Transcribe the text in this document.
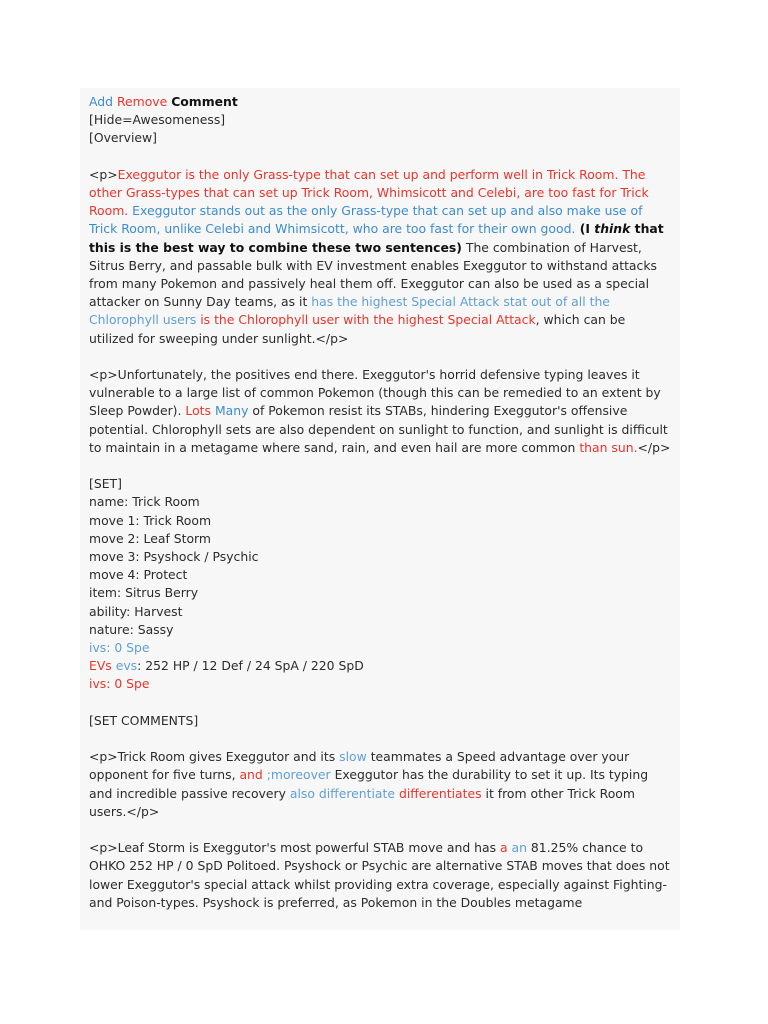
Add Remove Comment

[Hide=Awesomeness]

[Overview]

<p>Exeggutor is the only Grass-type that can set up and perform well in Trick Room. The other Grass-types that can set up Trick Room, Whimsicott and Celebi, are too fast for Trick Room. Exeggutor stands out as the only Grass-type that can set up and also make use of Trick Room, unlike Celebi and Whimsicott, who are too fast for their own good. (I think that this is the best way to combine these two sentences) The combination of Harvest, Sitrus Berry, and passable bulk with EV investment enables Exeggutor to withstand attacks from many Pokemon and passively heal them off. Exeggutor can also be used as a special attacker on Sunny Day teams, as it has the highest Special Attack stat out of all the Chlorophyll users is the Chlorophyll user with the highest Special Attack, which can be utilized for sweeping under sunlight.</p>

<p>Unfortunately, the positives end there. Exeggutor's horrid defensive typing leaves it vulnerable to a large list of common Pokemon (though this can be remedied to an extent by Sleep Powder). Lots Many of Pokemon resist its STABs, hindering Exeggutor's offensive potential. Chlorophyll sets are also dependent on sunlight to function, and sunlight is difficult to maintain in a metagame where sand, rain, and even hail are more common than sun.</p>

[SET]

name: Trick Room

move 1: Trick Room

move 2: Leaf Storm

move 3: Psyshock / Psychic

move 4: Protect

item: Sitrus Berry

ability: Harvest

nature: Sassy

ivs: 0 Spe

EVs evs: 252 HP / 12 Def / 24 SpA / 220 SpD

ivs: 0 Spe

[SET COMMENTS]

<p>Trick Room gives Exeggutor and its slow teammates a Speed advantage over your opponent for five turns, and ;moreover Exeggutor has the durability to set it up. Its typing and incredible passive recovery also differentiate differentiates it from other Trick Room users.</p>

<p>Leaf Storm is Exeggutor's most powerful STAB move and has a an 81.25% chance to OHKO 252 HP / 0 SpD Politoed. Psyshock or Psychic are alternative STAB moves that does not lower Exeggutor's special attack whilst providing extra coverage, especially against Fighting- and Poison-types. Psyshock is preferred, as Pokemon in the Doubles metagame
